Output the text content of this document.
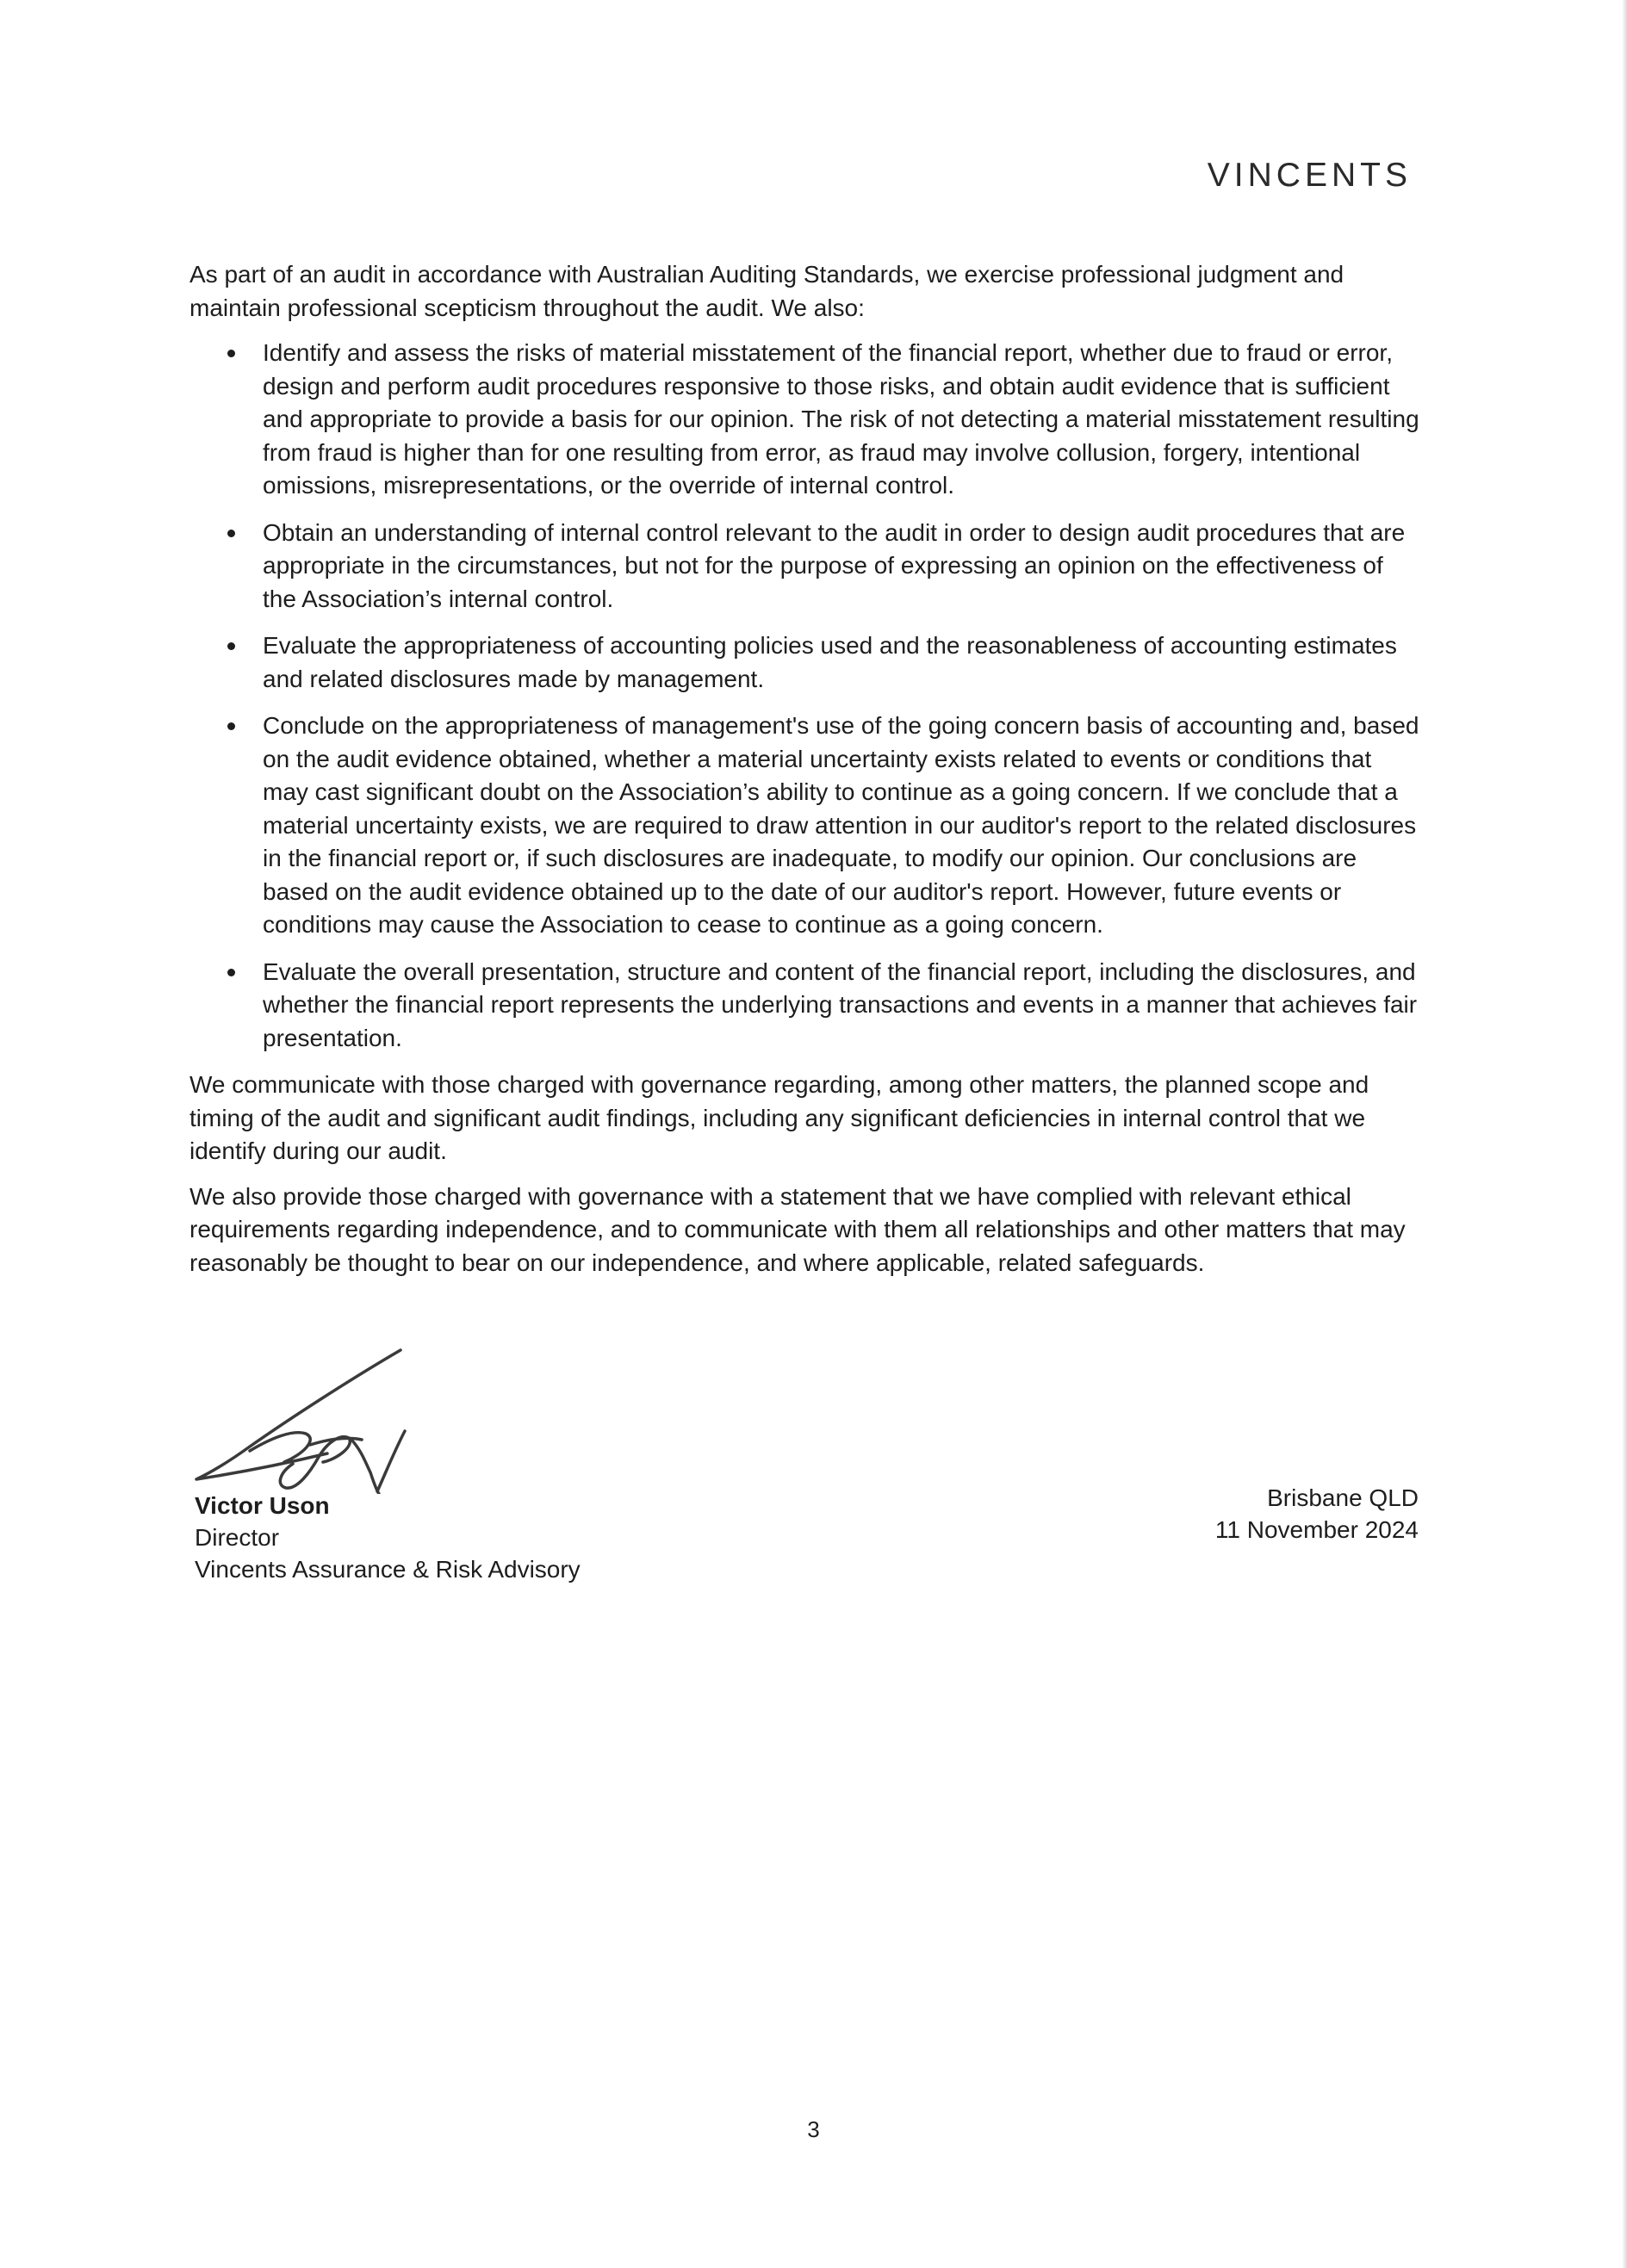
VINCENTS

As part of an audit in accordance with Australian Auditing Standards, we exercise professional judgment and maintain professional scepticism throughout the audit. We also:

Identify and assess the risks of material misstatement of the financial report, whether due to fraud or error, design and perform audit procedures responsive to those risks, and obtain audit evidence that is sufficient and appropriate to provide a basis for our opinion. The risk of not detecting a material misstatement resulting from fraud is higher than for one resulting from error, as fraud may involve collusion, forgery, intentional omissions, misrepresentations, or the override of internal control.
Obtain an understanding of internal control relevant to the audit in order to design audit procedures that are appropriate in the circumstances, but not for the purpose of expressing an opinion on the effectiveness of the Association’s internal control.
Evaluate the appropriateness of accounting policies used and the reasonableness of accounting estimates and related disclosures made by management.
Conclude on the appropriateness of management's use of the going concern basis of accounting and, based on the audit evidence obtained, whether a material uncertainty exists related to events or conditions that may cast significant doubt on the Association’s ability to continue as a going concern. If we conclude that a material uncertainty exists, we are required to draw attention in our auditor's report to the related disclosures in the financial report or, if such disclosures are inadequate, to modify our opinion. Our conclusions are based on the audit evidence obtained up to the date of our auditor's report. However, future events or conditions may cause the Association to cease to continue as a going concern.
Evaluate the overall presentation, structure and content of the financial report, including the disclosures, and whether the financial report represents the underlying transactions and events in a manner that achieves fair presentation.

We communicate with those charged with governance regarding, among other matters, the planned scope and timing of the audit and significant audit findings, including any significant deficiencies in internal control that we identify during our audit.

We also provide those charged with governance with a statement that we have complied with relevant ethical requirements regarding independence, and to communicate with them all relationships and other matters that may reasonably be thought to bear on our independence, and where applicable, related safeguards.

Victor Uson
Director
Vincents Assurance & Risk Advisory
Brisbane QLD
11 November 2024
3
